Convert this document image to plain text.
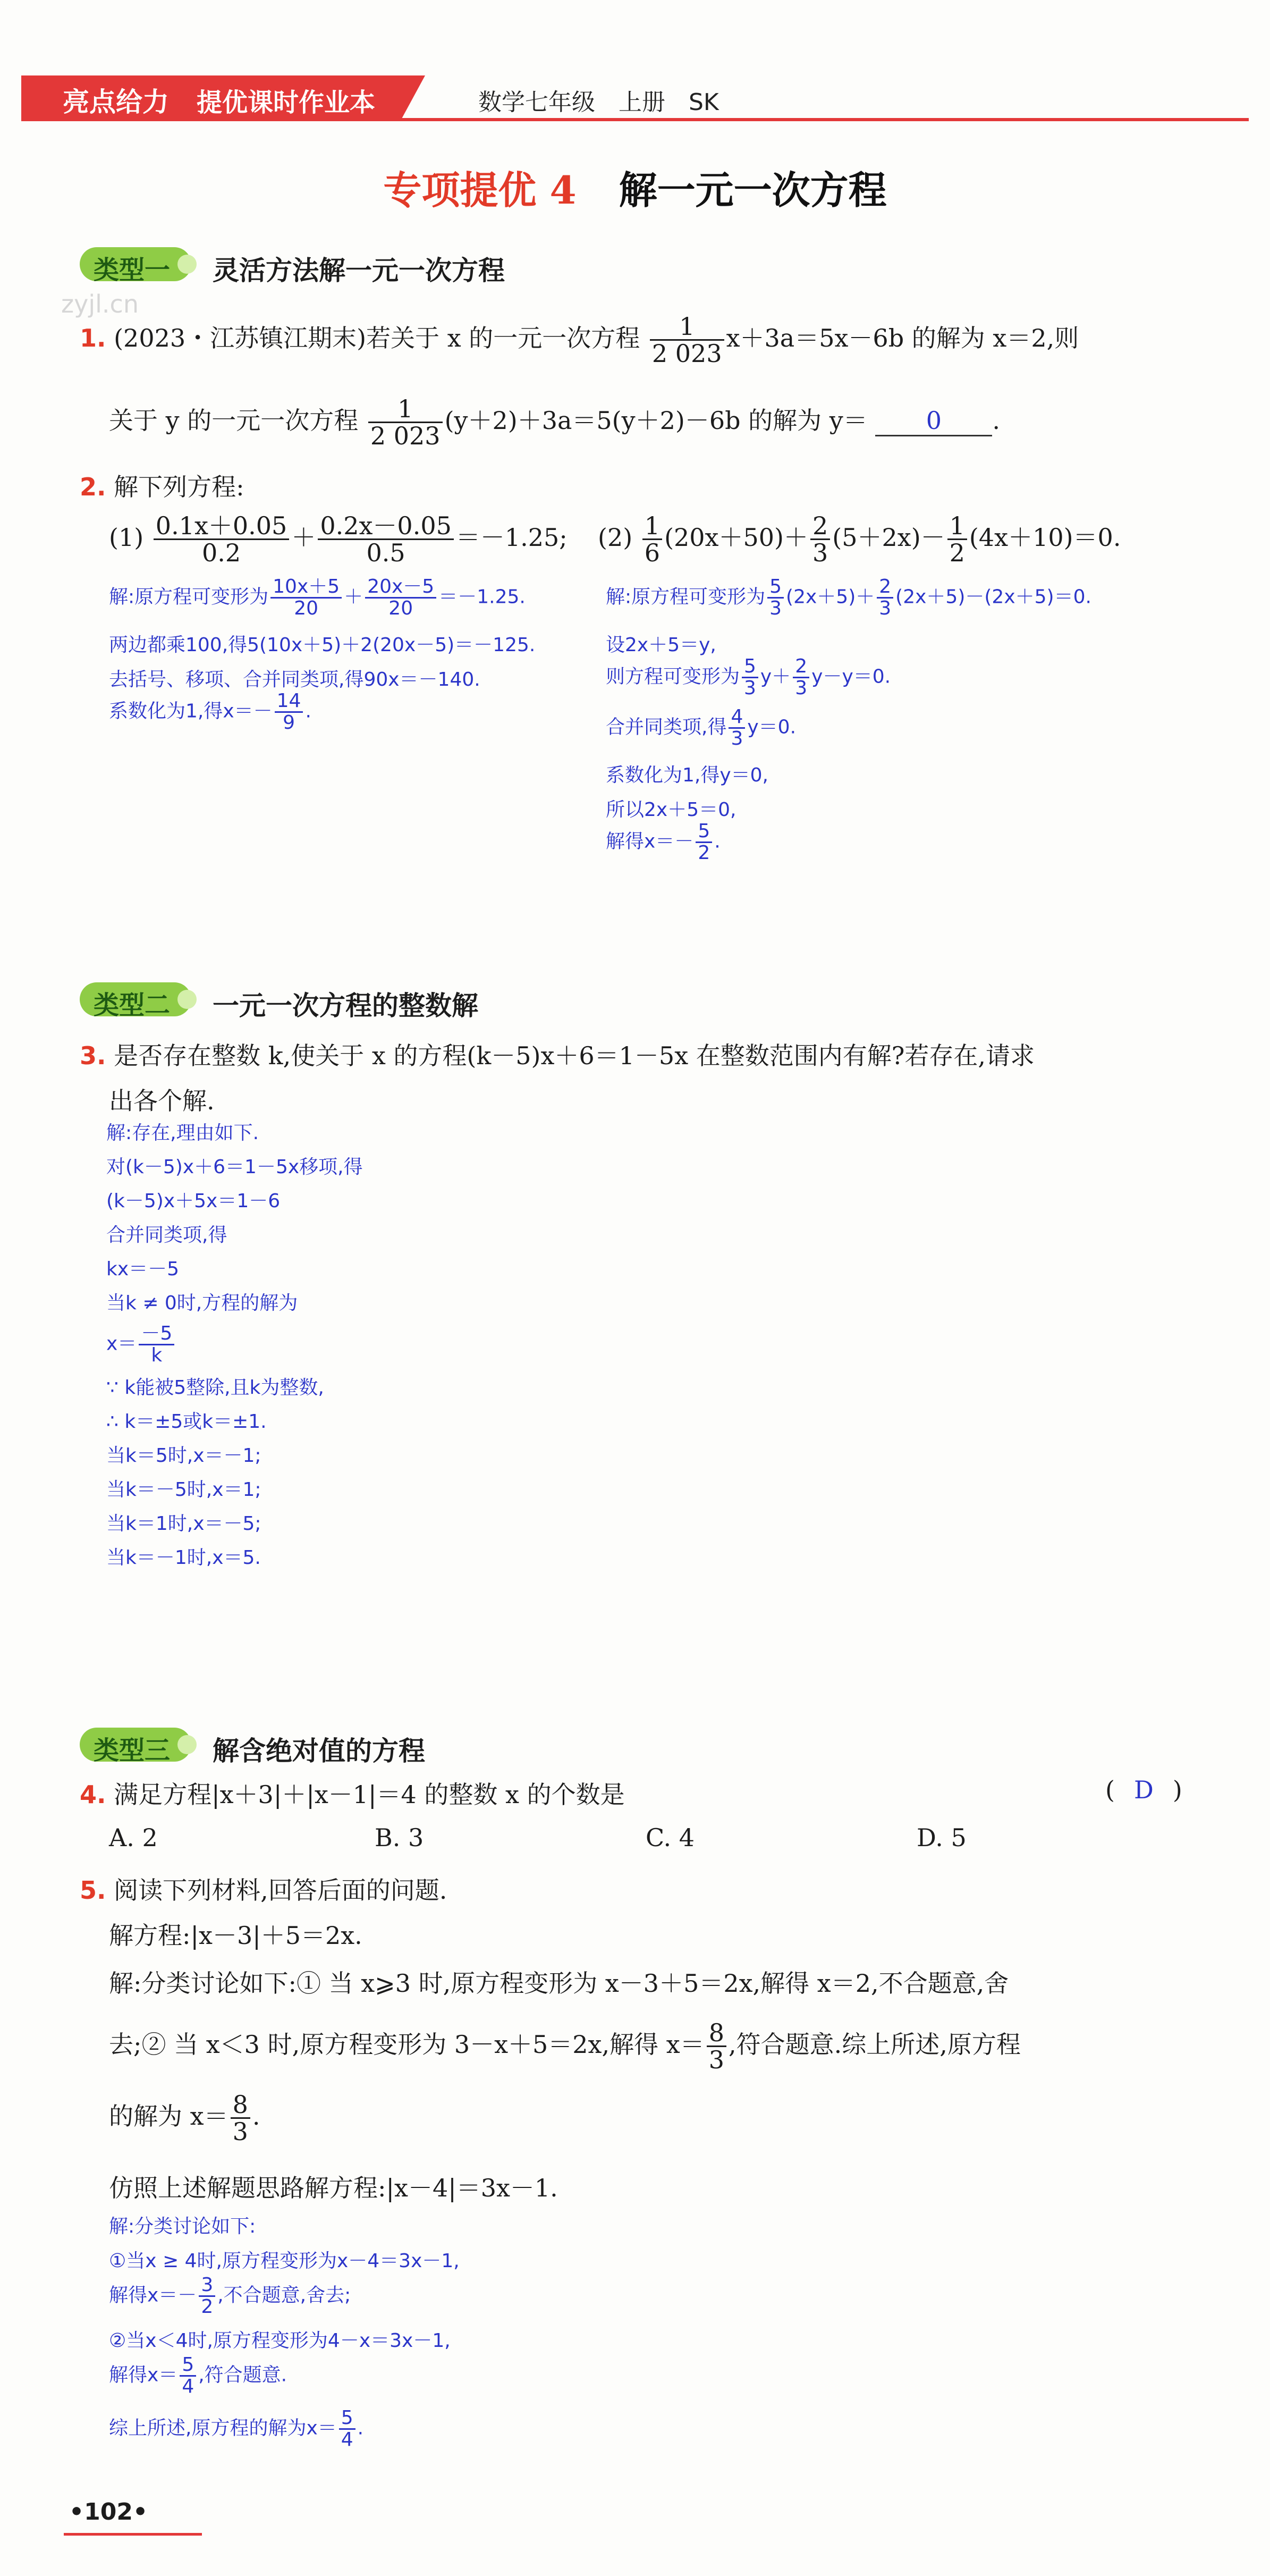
亮点给力 提优课时作业本	数学七年级　上册　SK
专项提优 4 解一元一次方程
zyjl.cn
类型一 灵活方法解一元一次方程
1. (2023・江苏镇江期末)若关于 x 的一元一次方程 $\frac{1}{2 023} x+3a=5x-6b$ 的解为 x＝2,则
关于 y 的一元一次方程 $\frac{1}{2 023} (y+2)+3a=5(y+2)-6b$ 的解为 y＝ 0 .
2. 解下列方程:
$(1) \frac{0.1x+0.05}{0.2} + \frac{0.2x-0.05}{0.5} =-1.25$; $(2) \frac{1}{6} (20x+50)+ \frac{2}{3} (5+2x)- \frac{1}{2} (4x+10)=0$.
解:原方程可变形为 $\frac{10x+5}{20} + \frac{20x-5}{20} =-1.25$.
两边都乘100,得5(10x＋5)＋2(20x－5)＝－125.
去括号、移项、合并同类项,得90x＝－140.
系数化为1,得$x=- \frac{14}{9}$ .
解:原方程可变形为 $\frac{5}{3} (2x+5)+ \frac{2}{3} (2x+5)-(2x+5)=0$.
设2x＋5＝y,
则方程可变形为 $\frac{5}{3} y+ \frac{2}{3} y-y=0$.
合并同类项,得 $\frac{4}{3} y=0$.
系数化为1,得y＝0,
所以2x＋5＝0,
解得$x=- \frac{5}{2}$ .
类型二 一元一次方程的整数解
3. 是否存在整数 k,使关于 x 的方程(k－5)x＋6＝1－5x 在整数范围内有解?若存在,请求
出各个解.
解:存在,理由如下.
对(k－5)x＋6＝1－5x移项,得
(k－5)x＋5x＝1－6
合并同类项,得
kx＝－5
当k ≠ 0时,方程的解为
$x= \frac{-5}{k}$
∵ k能被5整除,且k为整数,
∴ k＝±5或k＝±1.
当k＝5时,x＝－1;
当k＝－5时,x＝1;
当k＝1时,x＝－5;
当k＝－1时,x＝5.
类型三 解含绝对值的方程
4. 满足方程|x＋3|＋|x－1|＝4 的整数 x 的个数是	( D )
A. 2	B. 3	C. 4	D. 5
5. 阅读下列材料,回答后面的问题.
解方程:|x－3|＋5＝2x.
解:分类讨论如下:① 当 x⩾3 时,原方程变形为 x－3＋5＝2x,解得 x＝2,不合题意,舍
去;② 当 x＜3 时,原方程变形为 3－x＋5＝2x,解得 $x= \frac{8}{3}$ ,符合题意.综上所述,原方程
的解为 $x= \frac{8}{3}$ .
仿照上述解题思路解方程:|x－4|＝3x－1.
解:分类讨论如下:
①当x ≥ 4时,原方程变形为x－4＝3x－1,
解得$x=- \frac{3}{2}$ ,不合题意,舍去;
②当x＜4时,原方程变形为4－x＝3x－1,
解得$x= \frac{5}{4}$ ,符合题意.
综上所述,原方程的解为$x= \frac{5}{4}$ .
•102•
